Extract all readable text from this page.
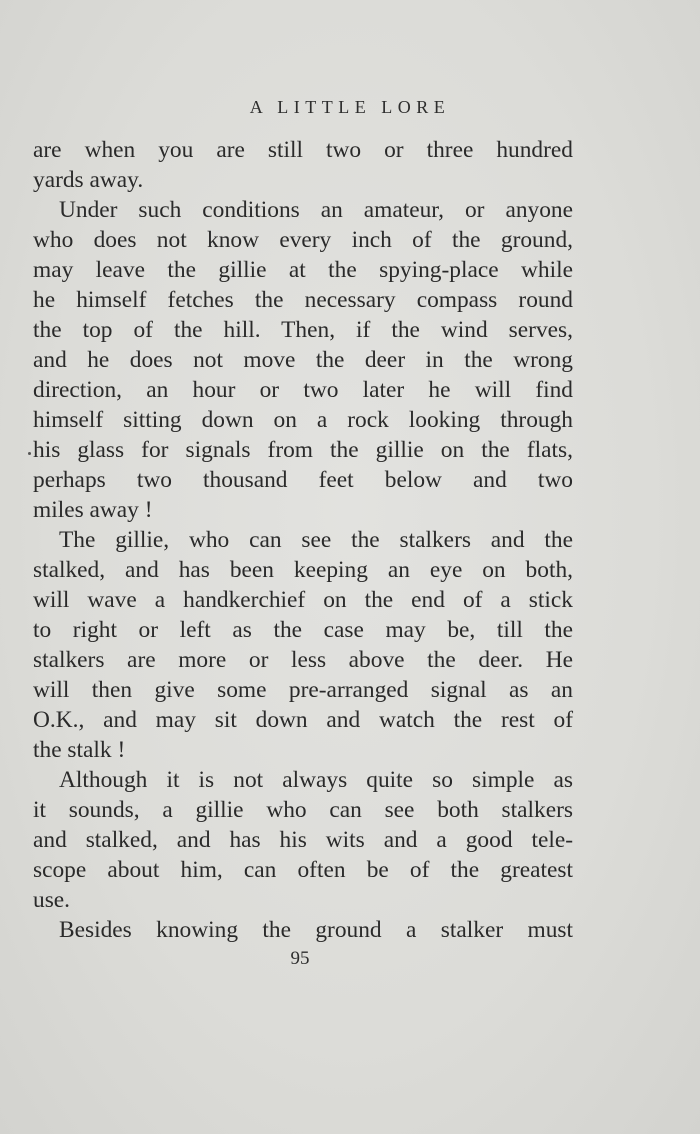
A LITTLE LORE
are when you are still two or three hundred
yards away.
Under such conditions an amateur, or anyone
who does not know every inch of the ground,
may leave the gillie at the spying-place while
he himself fetches the necessary compass round
the top of the hill. Then, if the wind serves,
and he does not move the deer in the wrong
direction, an hour or two later he will find
himself sitting down on a rock looking through
his glass for signals from the gillie on the flats,
perhaps two thousand feet below and two
miles away !
The gillie, who can see the stalkers and the
stalked, and has been keeping an eye on both,
will wave a handkerchief on the end of a stick
to right or left as the case may be, till the
stalkers are more or less above the deer. He
will then give some pre-arranged signal as an
O.K., and may sit down and watch the rest of
the stalk !
Although it is not always quite so simple as
it sounds, a gillie who can see both stalkers
and stalked, and has his wits and a good tele-
scope about him, can often be of the greatest
use.
Besides knowing the ground a stalker must
95
